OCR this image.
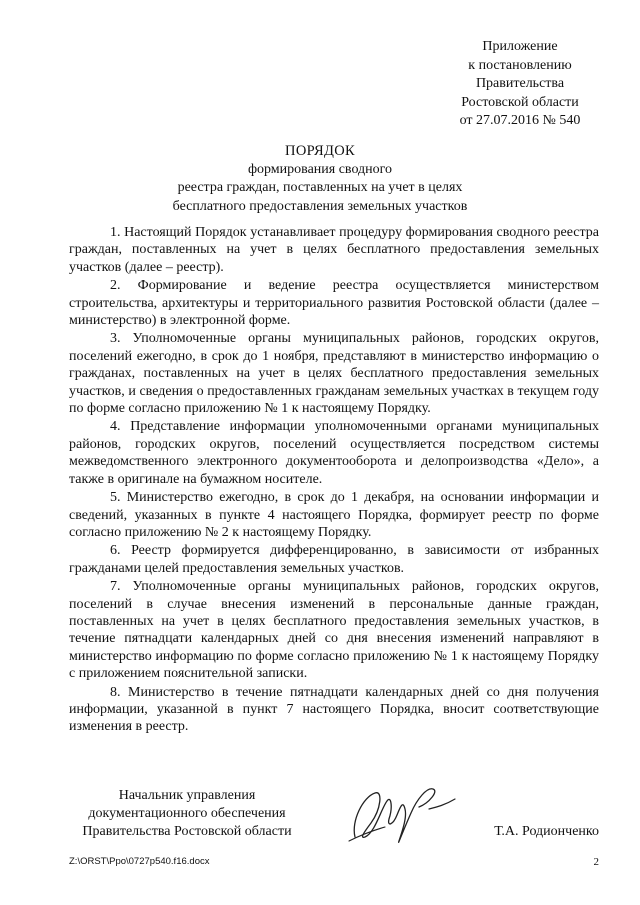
Приложение
к постановлению
Правительства
Ростовской области
от 27.07.2016 № 540
ПОРЯДОК
формирования сводного
реестра граждан, поставленных на учет в целях
бесплатного предоставления земельных участков

1. Настоящий Порядок устанавливает процедуру формирования сводного реестра граждан, поставленных на учет в целях бесплатного предоставления земельных участков (далее – реестр).

2. Формирование и ведение реестра осуществляется министерством строительства, архитектуры и территориального развития Ростовской области (далее – министерство) в электронной форме.

3. Уполномоченные органы муниципальных районов, городских округов, поселений ежегодно, в срок до 1 ноября, представляют в министерство информацию о гражданах, поставленных на учет в целях бесплатного предоставления земельных участков, и сведения о предоставленных гражданам земельных участках в текущем году по форме согласно приложению № 1 к настоящему Порядку.

4. Представление информации уполномоченными органами муниципальных районов, городских округов, поселений осуществляется посредством системы межведомственного электронного документооборота и делопроизводства «Дело», а также в оригинале на бумажном носителе.

5. Министерство ежегодно, в срок до 1 декабря, на основании информации и сведений, указанных в пункте 4 настоящего Порядка, формирует реестр по форме согласно приложению № 2 к настоящему Порядку.

6. Реестр формируется дифференцированно, в зависимости от избранных гражданами целей предоставления земельных участков.

7. Уполномоченные органы муниципальных районов, городских округов, поселений в случае внесения изменений в персональные данные граждан, поставленных на учет в целях бесплатного предоставления земельных участков, в течение пятнадцати календарных дней со дня внесения изменений направляют в министерство информацию по форме согласно приложению № 1 к настоящему Порядку с приложением пояснительной записки.

8. Министерство в течение пятнадцати календарных дней со дня получения информации, указанной в пункт 7 настоящего Порядка, вносит соответствующие изменения в реестр.

Начальник управления
документационного обеспечения
Правительства Ростовской области	Т.А. Родионченко
Z:\ORST\Ppo\0727p540.f16.docx	2
